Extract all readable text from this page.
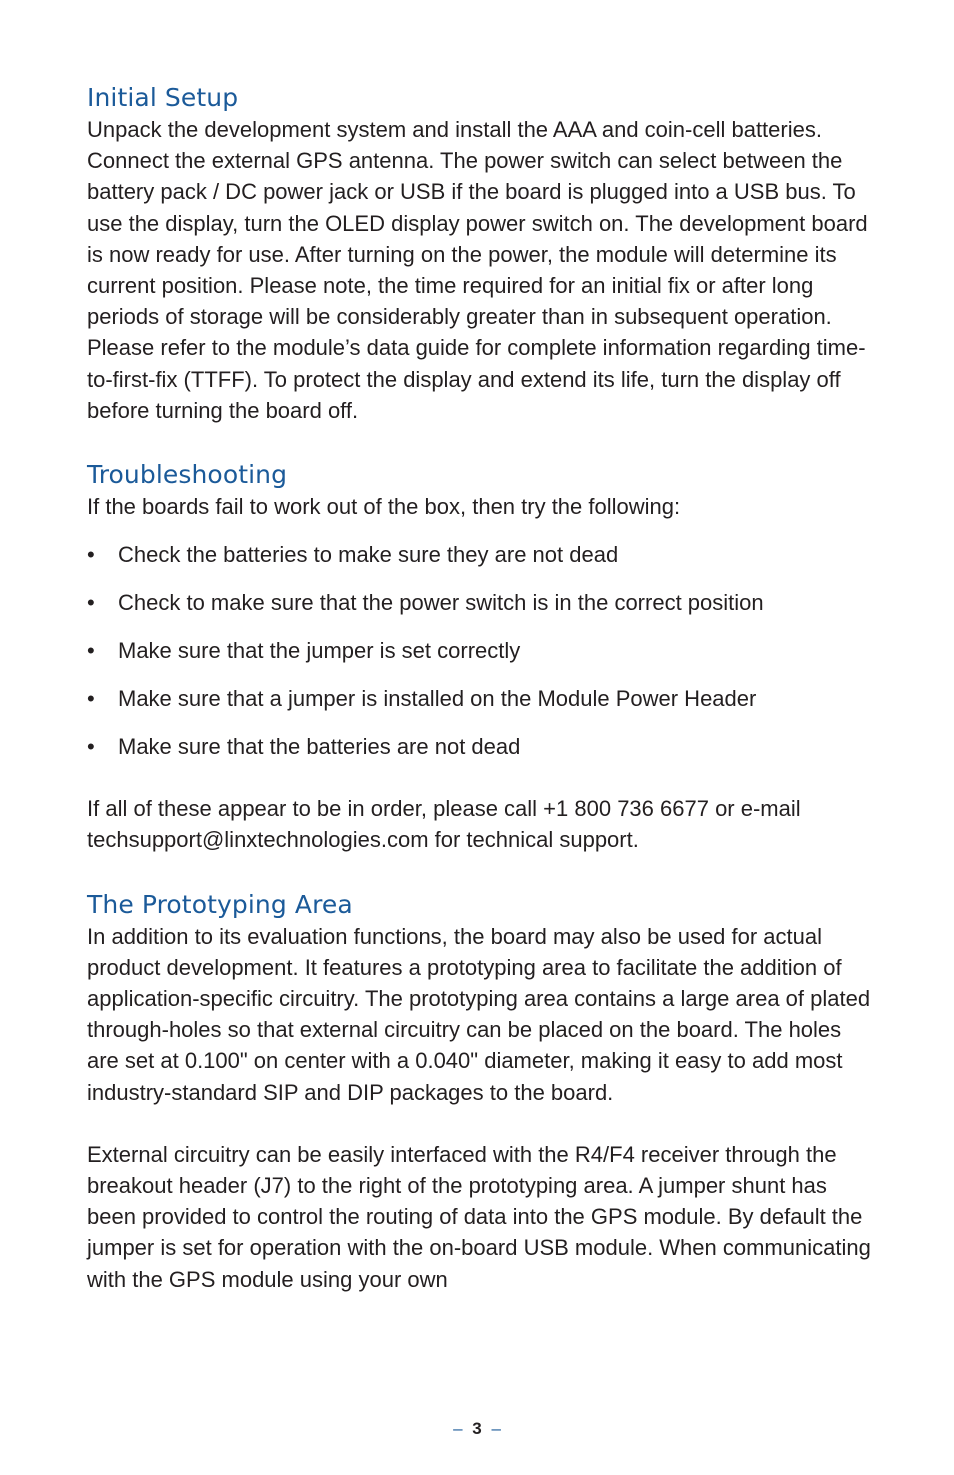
Initial Setup

Unpack the development system and install the AAA and coin-cell batteries. Connect the external GPS antenna. The power switch can select between the battery pack / DC power jack or USB if the board is plugged into a USB bus. To use the display, turn the OLED display power switch on. The development board is now ready for use. After turning on the power, the module will determine its current position. Please note, the time required for an initial fix or after long periods of storage will be considerably greater than in subsequent operation. Please refer to the module’s data guide for complete information regarding time-to-first-fix (TTFF). To protect the display and extend its life, turn the display off before turning the board off.

Troubleshooting

If the boards fail to work out of the box, then try the following:

• Check the batteries to make sure they are not dead
• Check to make sure that the power switch is in the correct position
• Make sure that the jumper is set correctly
• Make sure that a jumper is installed on the Module Power Header
• Make sure that the batteries are not dead

If all of these appear to be in order, please call +1 800 736 6677 or e-mail techsupport@linxtechnologies.com for technical support.

The Prototyping Area

In addition to its evaluation functions, the board may also be used for actual product development. It features a prototyping area to facilitate the addition of application-specific circuitry. The prototyping area contains a large area of plated through-holes so that external circuitry can be placed on the board. The holes are set at 0.100" on center with a 0.040" diameter, making it easy to add most industry-standard SIP and DIP packages to the board.

External circuitry can be easily interfaced with the R4/F4 receiver through the breakout header (J7) to the right of the prototyping area. A jumper shunt has been provided to control the routing of data into the GPS module. By default the jumper is set for operation with the on-board USB module. When communicating with the GPS module using your own

– 3 –
